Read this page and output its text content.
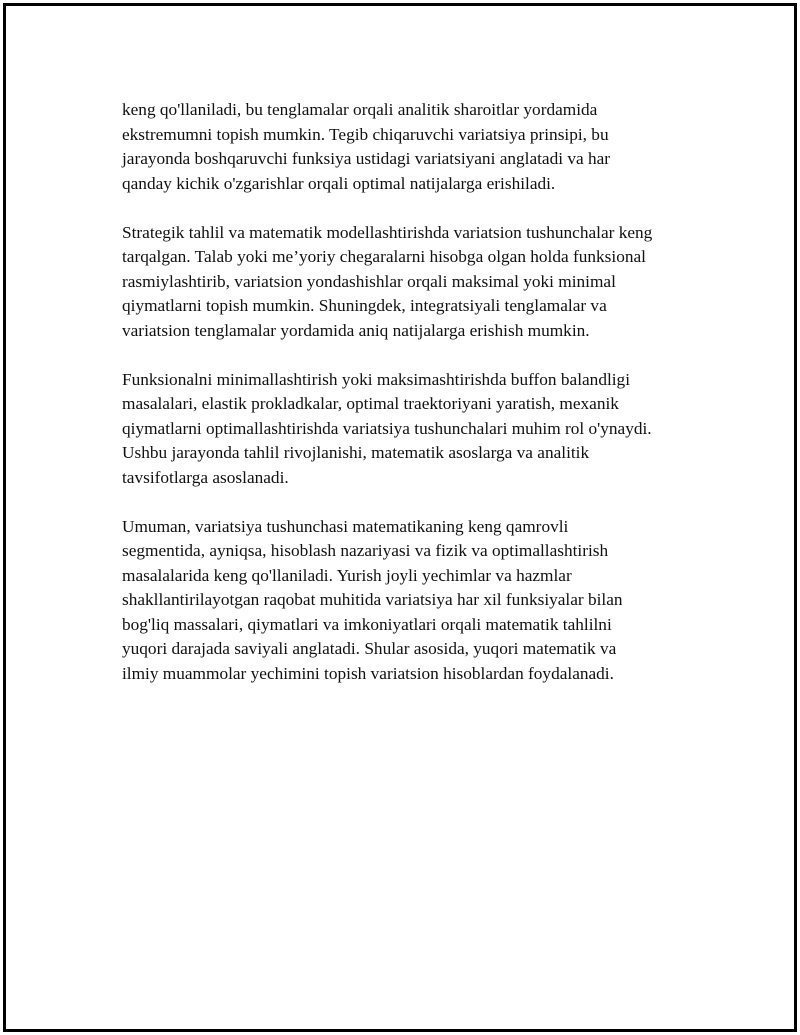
keng qo'llaniladi, bu tenglamalar orqali analitik sharoitlar yordamida
ekstremumni topish mumkin. Tegib chiqaruvchi variatsiya prinsipi, bu
jarayonda boshqaruvchi funksiya ustidagi variatsiyani anglatadi va har
qanday kichik o'zgarishlar orqali optimal natijalarga erishiladi.

Strategik tahlil va matematik modellashtirishda variatsion tushunchalar keng
tarqalgan. Talab yoki me’yoriy chegaralarni hisobga olgan holda funksional
rasmiylashtirib, variatsion yondashishlar orqali maksimal yoki minimal
qiymatlarni topish mumkin. Shuningdek, integratsiyali tenglamalar va
variatsion tenglamalar yordamida aniq natijalarga erishish mumkin.

Funksionalni minimallashtirish yoki maksimashtirishda buffon balandligi
masalalari, elastik prokladkalar, optimal traektoriyani yaratish, mexanik
qiymatlarni optimallashtirishda variatsiya tushunchalari muhim rol o'ynaydi.
Ushbu jarayonda tahlil rivojlanishi, matematik asoslarga va analitik
tavsifotlarga asoslanadi.

Umuman, variatsiya tushunchasi matematikaning keng qamrovli
segmentida, ayniqsa, hisoblash nazariyasi va fizik va optimallashtirish
masalalarida keng qo'llaniladi. Yurish joyli yechimlar va hazmlar
shakllantirilayotgan raqobat muhitida variatsiya har xil funksiyalar bilan
bog'liq massalari, qiymatlari va imkoniyatlari orqali matematik tahlilni
yuqori darajada saviyali anglatadi. Shular asosida, yuqori matematik va
ilmiy muammolar yechimini topish variatsion hisoblardan foydalanadi.
